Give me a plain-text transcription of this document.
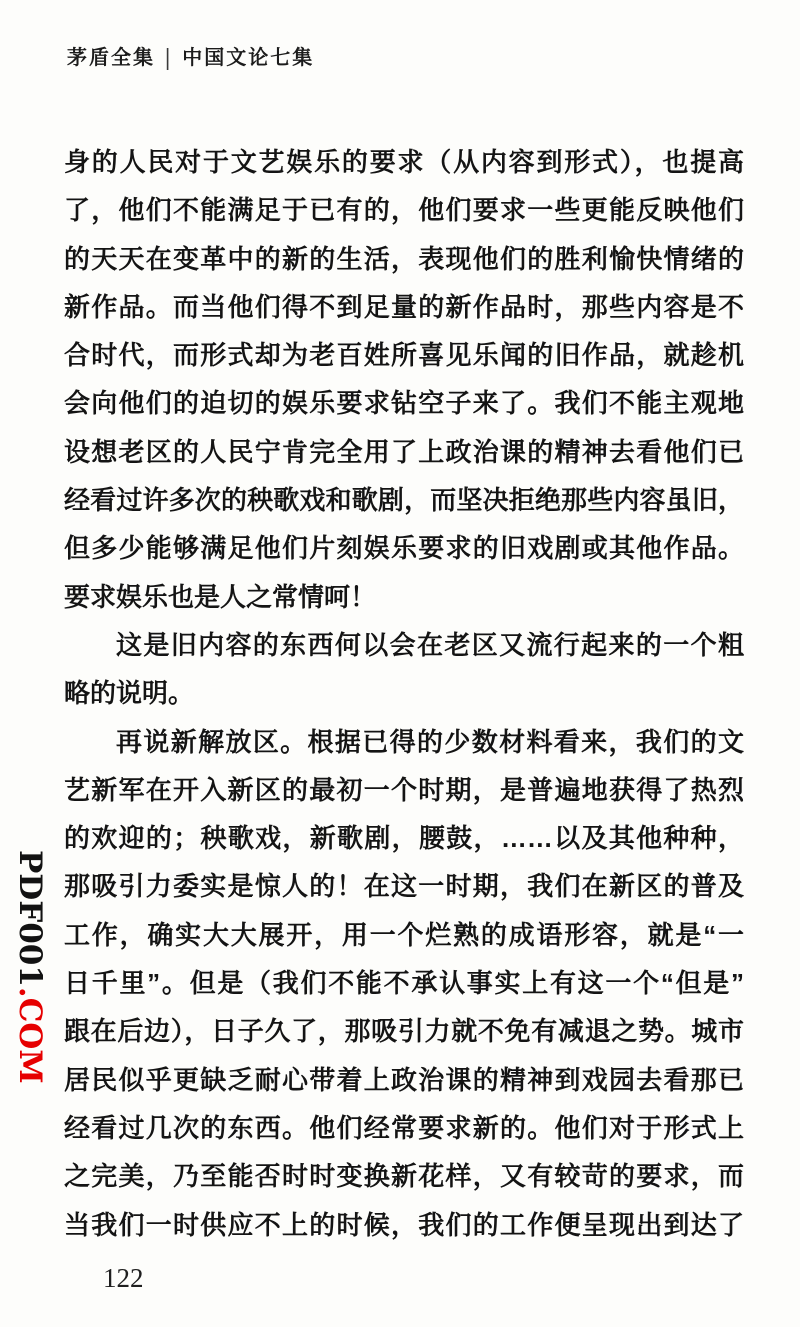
茅盾全集 | 中国文论七集
身的人民对于文艺娱乐的要求（从内容到形式），也提高
了，他们不能满足于已有的，他们要求一些更能反映他们
的天天在变革中的新的生活，表现他们的胜利愉快情绪的
新作品。而当他们得不到足量的新作品时，那些内容是不
合时代，而形式却为老百姓所喜见乐闻的旧作品，就趁机
会向他们的迫切的娱乐要求钻空子来了。我们不能主观地
设想老区的人民宁肯完全用了上政治课的精神去看他们已
经看过许多次的秧歌戏和歌剧，而坚决拒绝那些内容虽旧，
但多少能够满足他们片刻娱乐要求的旧戏剧或其他作品。
要求娱乐也是人之常情呵！
这是旧内容的东西何以会在老区又流行起来的一个粗
略的说明。
再说新解放区。根据已得的少数材料看来，我们的文
艺新军在开入新区的最初一个时期，是普遍地获得了热烈
的欢迎的；秧歌戏，新歌剧，腰鼓，……以及其他种种，
那吸引力委实是惊人的！在这一时期，我们在新区的普及
工作，确实大大展开，用一个烂熟的成语形容，就是“一
日千里”。但是（我们不能不承认事实上有这一个“但是”
跟在后边），日子久了，那吸引力就不免有减退之势。城市
居民似乎更缺乏耐心带着上政治课的精神到戏园去看那已
经看过几次的东西。他们经常要求新的。他们对于形式上
之完美，乃至能否时时变换新花样，又有较苛的要求，而
当我们一时供应不上的时候，我们的工作便呈现出到达了
PDF001.COM
122
